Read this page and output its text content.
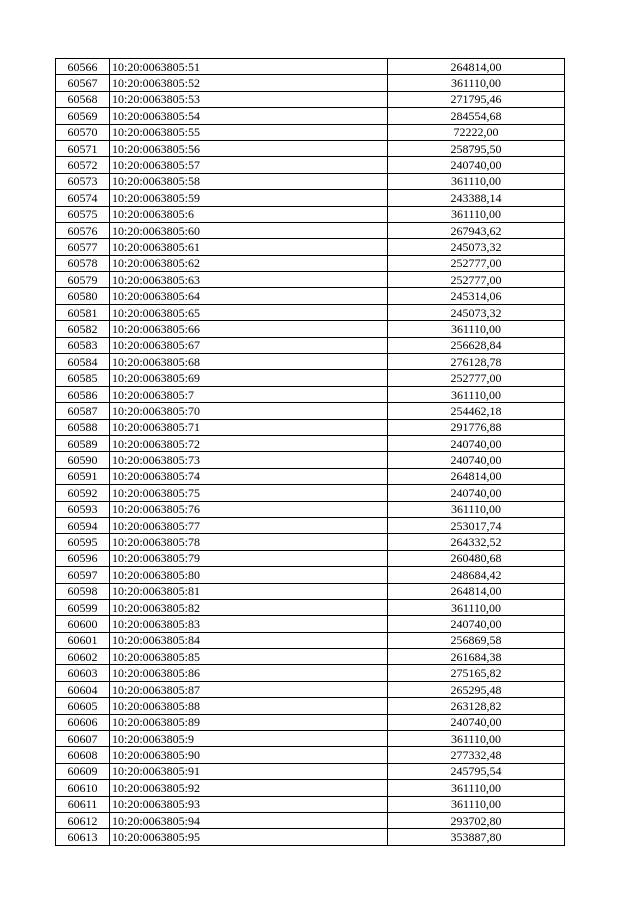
60566	10:20:0063805:51	264814,00
60567	10:20:0063805:52	361110,00
60568	10:20:0063805:53	271795,46
60569	10:20:0063805:54	284554,68
60570	10:20:0063805:55	72222,00
60571	10:20:0063805:56	258795,50
60572	10:20:0063805:57	240740,00
60573	10:20:0063805:58	361110,00
60574	10:20:0063805:59	243388,14
60575	10:20:0063805:6	361110,00
60576	10:20:0063805:60	267943,62
60577	10:20:0063805:61	245073,32
60578	10:20:0063805:62	252777,00
60579	10:20:0063805:63	252777,00
60580	10:20:0063805:64	245314,06
60581	10:20:0063805:65	245073,32
60582	10:20:0063805:66	361110,00
60583	10:20:0063805:67	256628,84
60584	10:20:0063805:68	276128,78
60585	10:20:0063805:69	252777,00
60586	10:20:0063805:7	361110,00
60587	10:20:0063805:70	254462,18
60588	10:20:0063805:71	291776,88
60589	10:20:0063805:72	240740,00
60590	10:20:0063805:73	240740,00
60591	10:20:0063805:74	264814,00
60592	10:20:0063805:75	240740,00
60593	10:20:0063805:76	361110,00
60594	10:20:0063805:77	253017,74
60595	10:20:0063805:78	264332,52
60596	10:20:0063805:79	260480,68
60597	10:20:0063805:80	248684,42
60598	10:20:0063805:81	264814,00
60599	10:20:0063805:82	361110,00
60600	10:20:0063805:83	240740,00
60601	10:20:0063805:84	256869,58
60602	10:20:0063805:85	261684,38
60603	10:20:0063805:86	275165,82
60604	10:20:0063805:87	265295,48
60605	10:20:0063805:88	263128,82
60606	10:20:0063805:89	240740,00
60607	10:20:0063805:9	361110,00
60608	10:20:0063805:90	277332,48
60609	10:20:0063805:91	245795,54
60610	10:20:0063805:92	361110,00
60611	10:20:0063805:93	361110,00
60612	10:20:0063805:94	293702,80
60613	10:20:0063805:95	353887,80
